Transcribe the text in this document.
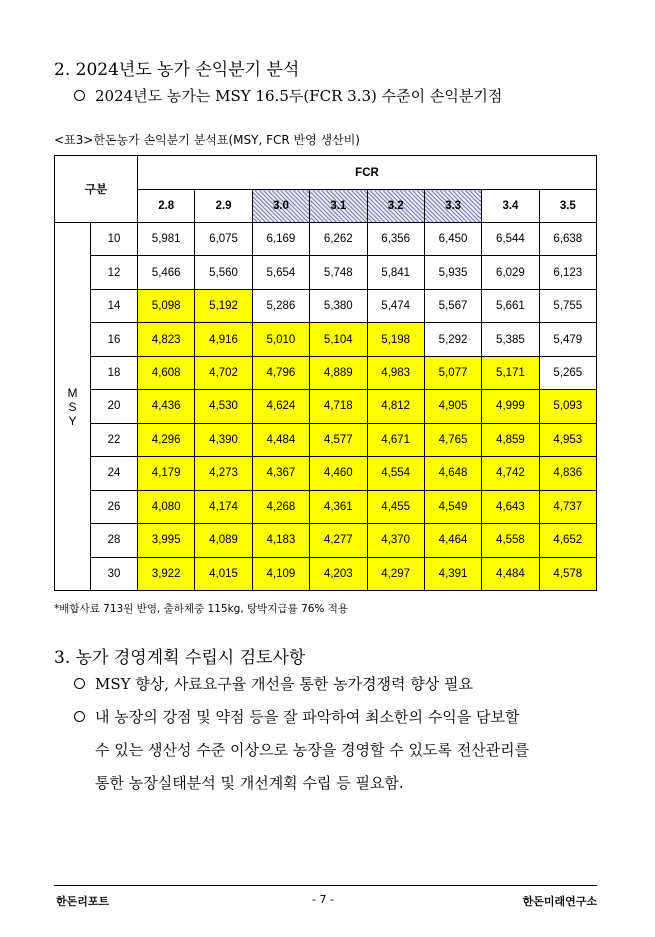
2. 2024년도 농가 손익분기 분석
2024년도 농가는 MSY 16.5두(FCR 3.3) 수준이 손익분기점
<표3>한돈농가 손익분기 분석표(MSY, FCR 반영 생산비)
구분		FCR							
		2.8	2.9	3.0	3.1	3.2	3.3	3.4	3.5

M
S
Y	10	5,981	6,075	6,169	6,262	6,356	6,450	6,544	6,638
	12	5,466	5,560	5,654	5,748	5,841	5,935	6,029	6,123
	14	5,098	5,192	5,286	5,380	5,474	5,567	5,661	5,755
	16	4,823	4,916	5,010	5,104	5,198	5,292	5,385	5,479
	18	4,608	4,702	4,796	4,889	4,983	5,077	5,171	5,265
	20	4,436	4,530	4,624	4,718	4,812	4,905	4,999	5,093
	22	4,296	4,390	4,484	4,577	4,671	4,765	4,859	4,953
	24	4,179	4,273	4,367	4,460	4,554	4,648	4,742	4,836
	26	4,080	4,174	4,268	4,361	4,455	4,549	4,643	4,737
	28	3,995	4,089	4,183	4,277	4,370	4,464	4,558	4,652
	30	3,922	4,015	4,109	4,203	4,297	4,391	4,484	4,578
*배합사료 713원 반영, 출하체중 115kg, 탕박지급률 76% 적용
3. 농가 경영계획 수립시 검토사항
MSY 향상, 사료요구율 개선을 통한 농가경쟁력 향상 필요
내 농장의 강점 및 약점 등을 잘 파악하여 최소한의 수익을 담보할
수 있는 생산성 수준 이상으로 농장을 경영할 수 있도록 전산관리를
통한 농장실태분석 및 개선계획 수립 등 필요함.
한돈리포트	- 7 -	한돈미래연구소
